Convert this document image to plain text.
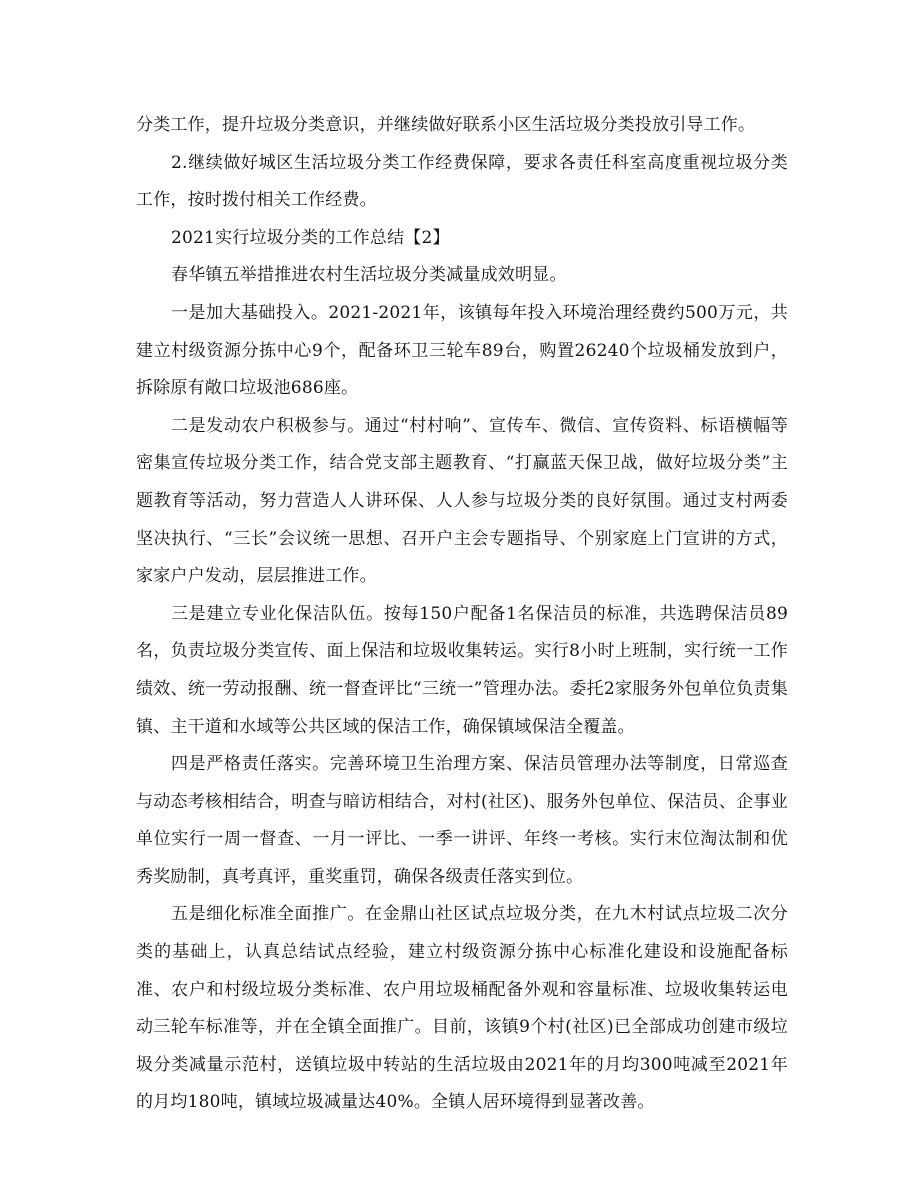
分类工作，提升垃圾分类意识，并继续做好联系小区生活垃圾分类投放引导工作。

2.继续做好城区生活垃圾分类工作经费保障，要求各责任科室高度重视垃圾分类工作，按时拨付相关工作经费。

2021实行垃圾分类的工作总结【2】

春华镇五举措推进农村生活垃圾分类减量成效明显。

一是加大基础投入。2021-2021年，该镇每年投入环境治理经费约500万元，共建立村级资源分拣中心9个，配备环卫三轮车89台，购置26240个垃圾桶发放到户，拆除原有敞口垃圾池686座。

二是发动农户积极参与。通过“村村响”、宣传车、微信、宣传资料、标语横幅等密集宣传垃圾分类工作，结合党支部主题教育、“打赢蓝天保卫战，做好垃圾分类”主题教育等活动，努力营造人人讲环保、人人参与垃圾分类的良好氛围。通过支村两委坚决执行、“三长”会议统一思想、召开户主会专题指导、个别家庭上门宣讲的方式，家家户户发动，层层推进工作。

三是建立专业化保洁队伍。按每150户配备1名保洁员的标准，共选聘保洁员89名，负责垃圾分类宣传、面上保洁和垃圾收集转运。实行8小时上班制，实行统一工作绩效、统一劳动报酬、统一督查评比“三统一”管理办法。委托2家服务外包单位负责集镇、主干道和水域等公共区域的保洁工作，确保镇域保洁全覆盖。

四是严格责任落实。完善环境卫生治理方案、保洁员管理办法等制度，日常巡查与动态考核相结合，明查与暗访相结合，对村(社区)、服务外包单位、保洁员、企事业单位实行一周一督查、一月一评比、一季一讲评、年终一考核。实行末位淘汰制和优秀奖励制，真考真评，重奖重罚，确保各级责任落实到位。

五是细化标准全面推广。在金鼎山社区试点垃圾分类，在九木村试点垃圾二次分类的基础上，认真总结试点经验，建立村级资源分拣中心标准化建设和设施配备标准、农户和村级垃圾分类标准、农户用垃圾桶配备外观和容量标准、垃圾收集转运电动三轮车标准等，并在全镇全面推广。目前，该镇9个村(社区)已全部成功创建市级垃圾分类减量示范村，送镇垃圾中转站的生活垃圾由2021年的月均300吨减至2021年的月均180吨，镇域垃圾减量达40%。全镇人居环境得到显著改善。
